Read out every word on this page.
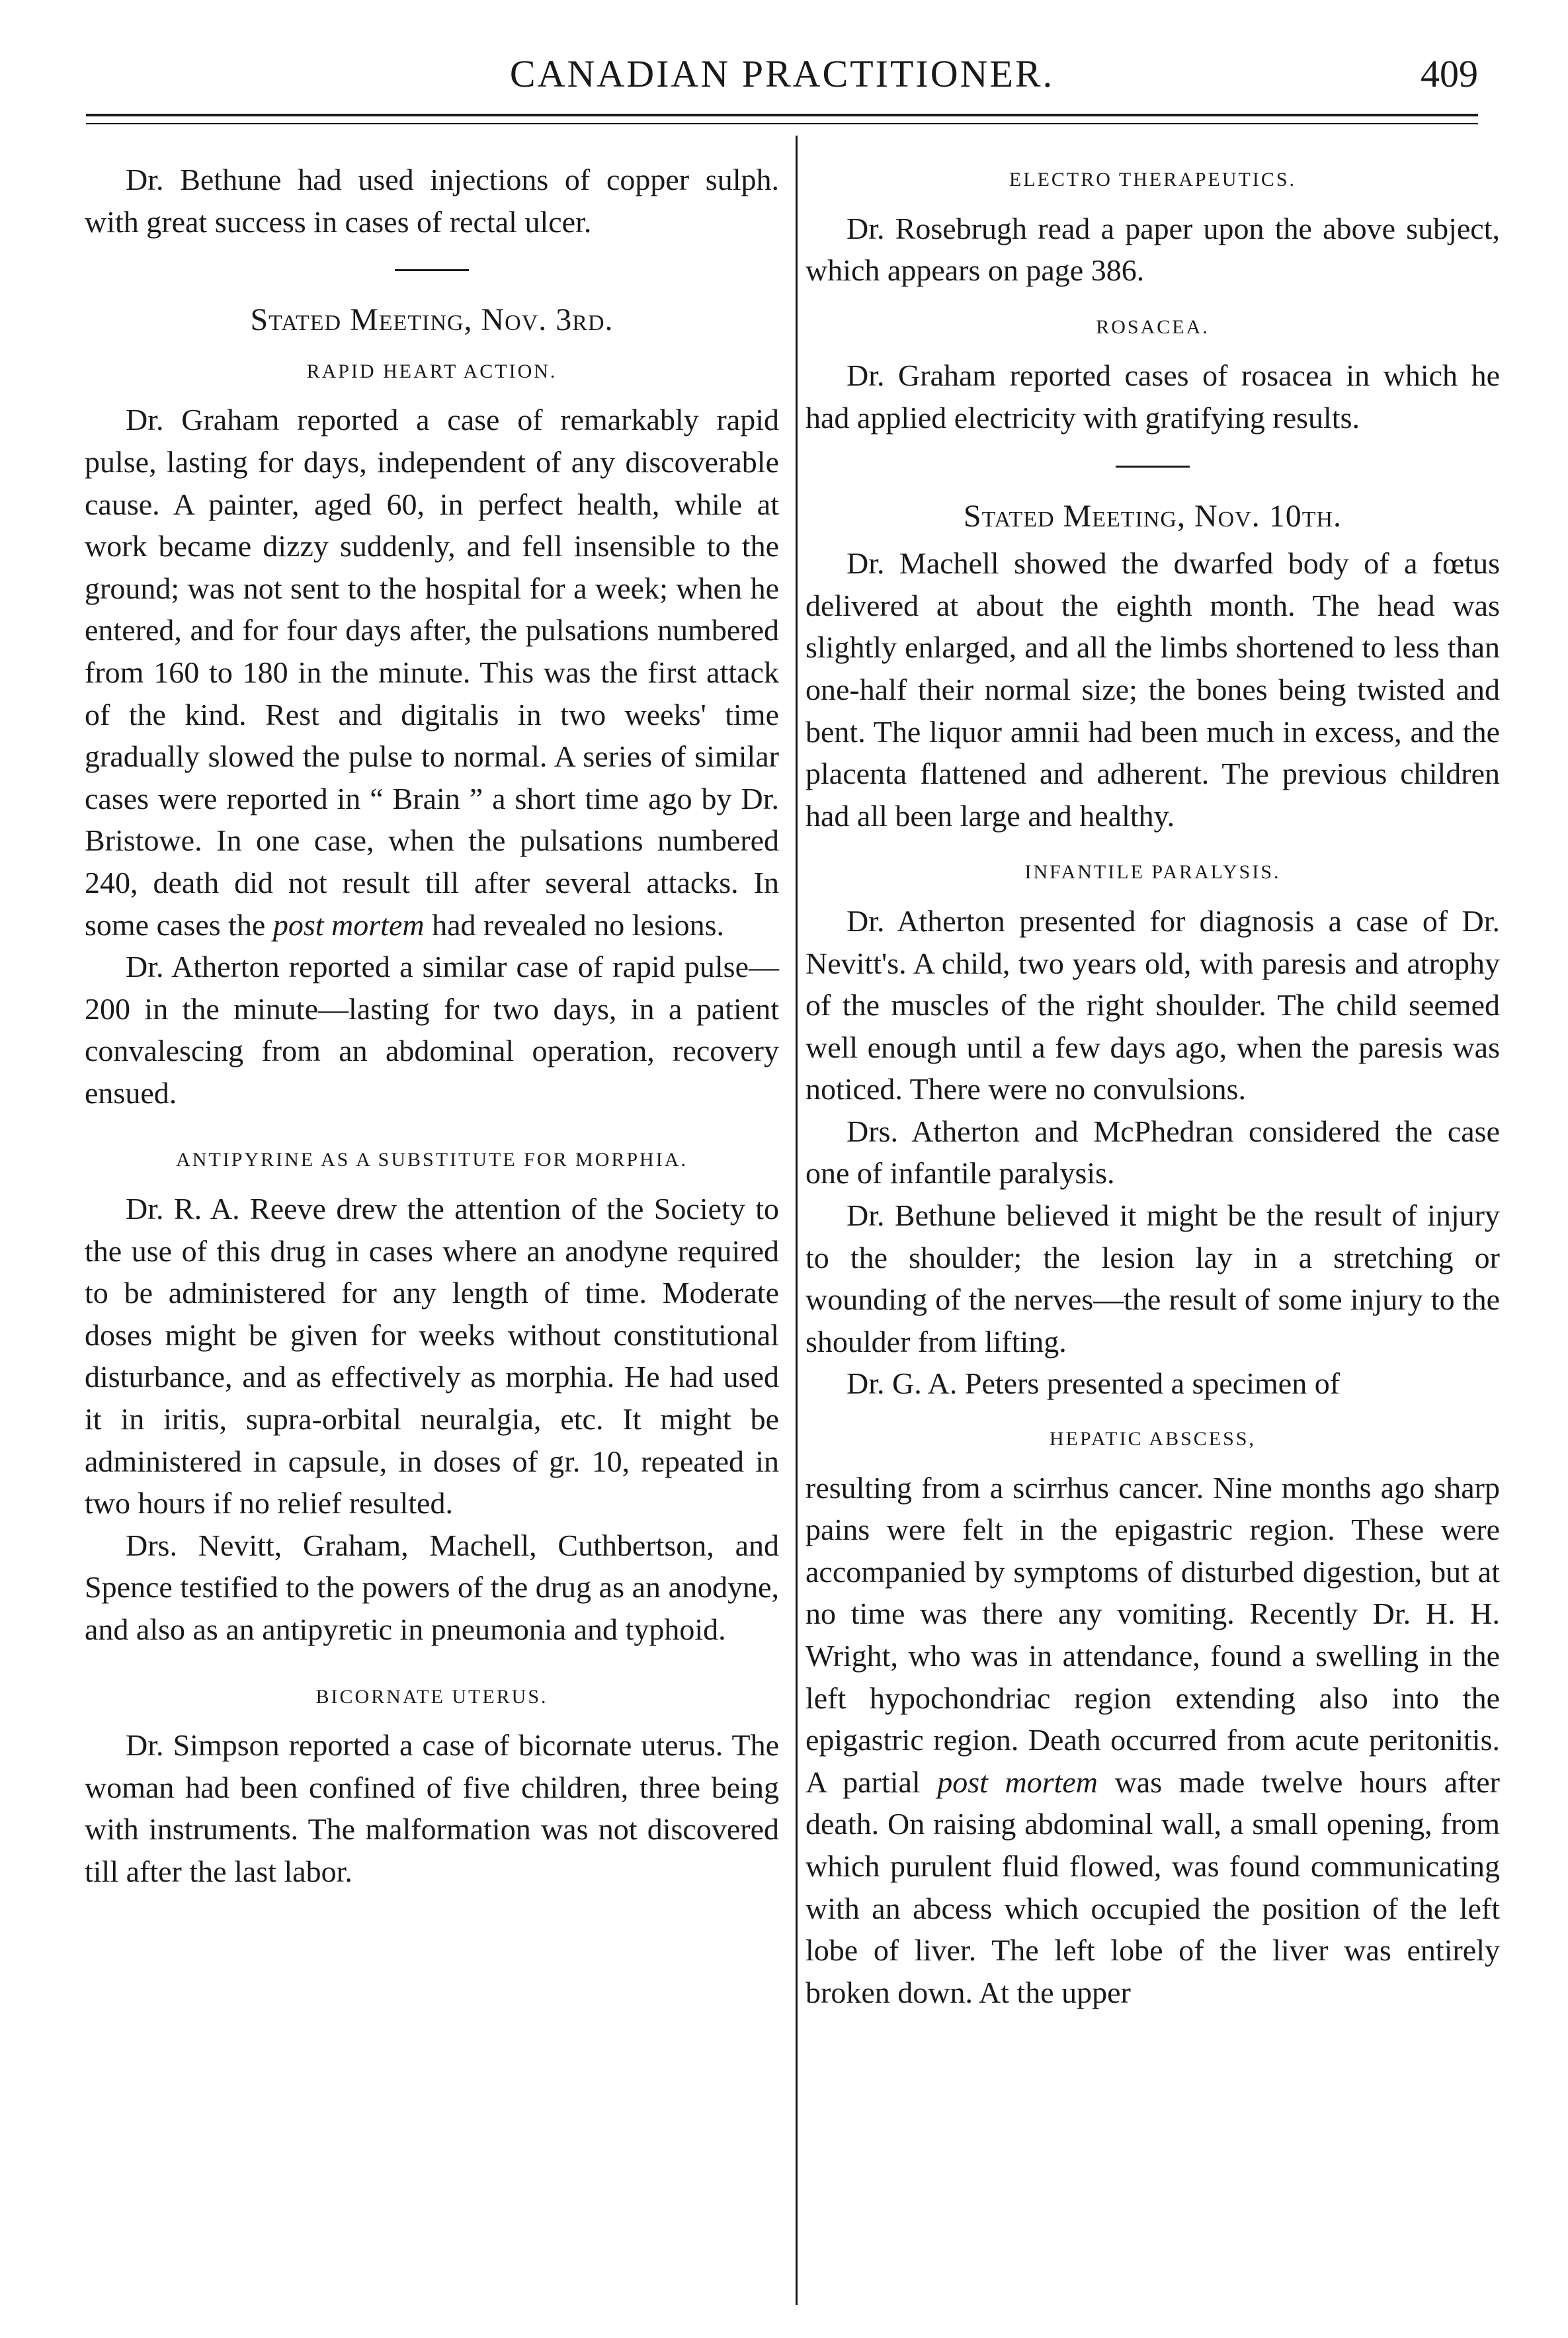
CANADIAN PRACTITIONER.	409

Dr. Bethune had used injections of copper sulph. with great success in cases of rectal ulcer.

Stated Meeting, Nov. 3rd.
RAPID HEART ACTION.

Dr. Graham reported a case of remarkably rapid pulse, lasting for days, independent of any discoverable cause. A painter, aged 60, in perfect health, while at work became dizzy suddenly, and fell insensible to the ground; was not sent to the hospital for a week; when he entered, and for four days after, the pulsations numbered from 160 to 180 in the minute. This was the first attack of the kind. Rest and digitalis in two weeks' time gradually slowed the pulse to normal. A series of similar cases were reported in “ Brain ” a short time ago by Dr. Bristowe. In one case, when the pulsations numbered 240, death did not result till after several attacks. In some cases the post mortem had revealed no lesions.

Dr. Atherton reported a similar case of rapid pulse—200 in the minute—lasting for two days, in a patient convalescing from an abdominal operation, recovery ensued.

ANTIPYRINE AS A SUBSTITUTE FOR MORPHIA.

Dr. R. A. Reeve drew the attention of the Society to the use of this drug in cases where an anodyne required to be administered for any length of time. Moderate doses might be given for weeks without constitutional disturbance, and as effectively as morphia. He had used it in iritis, supra-orbital neuralgia, etc. It might be administered in capsule, in doses of gr. 10, repeated in two hours if no relief resulted.

Drs. Nevitt, Graham, Machell, Cuthbertson, and Spence testified to the powers of the drug as an anodyne, and also as an antipyretic in pneumonia and typhoid.

BICORNATE UTERUS.

Dr. Simpson reported a case of bicornate uterus. The woman had been confined of five children, three being with instruments. The malformation was not discovered till after the last labor.

ELECTRO THERAPEUTICS.

Dr. Rosebrugh read a paper upon the above subject, which appears on page 386.

ROSACEA.

Dr. Graham reported cases of rosacea in which he had applied electricity with gratifying results.

Stated Meeting, Nov. 10th.

Dr. Machell showed the dwarfed body of a fœtus delivered at about the eighth month. The head was slightly enlarged, and all the limbs shortened to less than one-half their normal size; the bones being twisted and bent. The liquor amnii had been much in excess, and the placenta flattened and adherent. The previous children had all been large and healthy.

INFANTILE PARALYSIS.

Dr. Atherton presented for diagnosis a case of Dr. Nevitt's. A child, two years old, with paresis and atrophy of the muscles of the right shoulder. The child seemed well enough until a few days ago, when the paresis was noticed. There were no convulsions.

Drs. Atherton and McPhedran considered the case one of infantile paralysis.

Dr. Bethune believed it might be the result of injury to the shoulder; the lesion lay in a stretching or wounding of the nerves—the result of some injury to the shoulder from lifting.

Dr. G. A. Peters presented a specimen of

HEPATIC ABSCESS,

resulting from a scirrhus cancer. Nine months ago sharp pains were felt in the epigastric region. These were accompanied by symptoms of disturbed digestion, but at no time was there any vomiting. Recently Dr. H. H. Wright, who was in attendance, found a swelling in the left hypochondriac region extending also into the epigastric region. Death occurred from acute peritonitis. A partial post mortem was made twelve hours after death. On raising abdominal wall, a small opening, from which purulent fluid flowed, was found communicating with an abcess which occupied the position of the left lobe of liver. The left lobe of the liver was entirely broken down. At the upper
